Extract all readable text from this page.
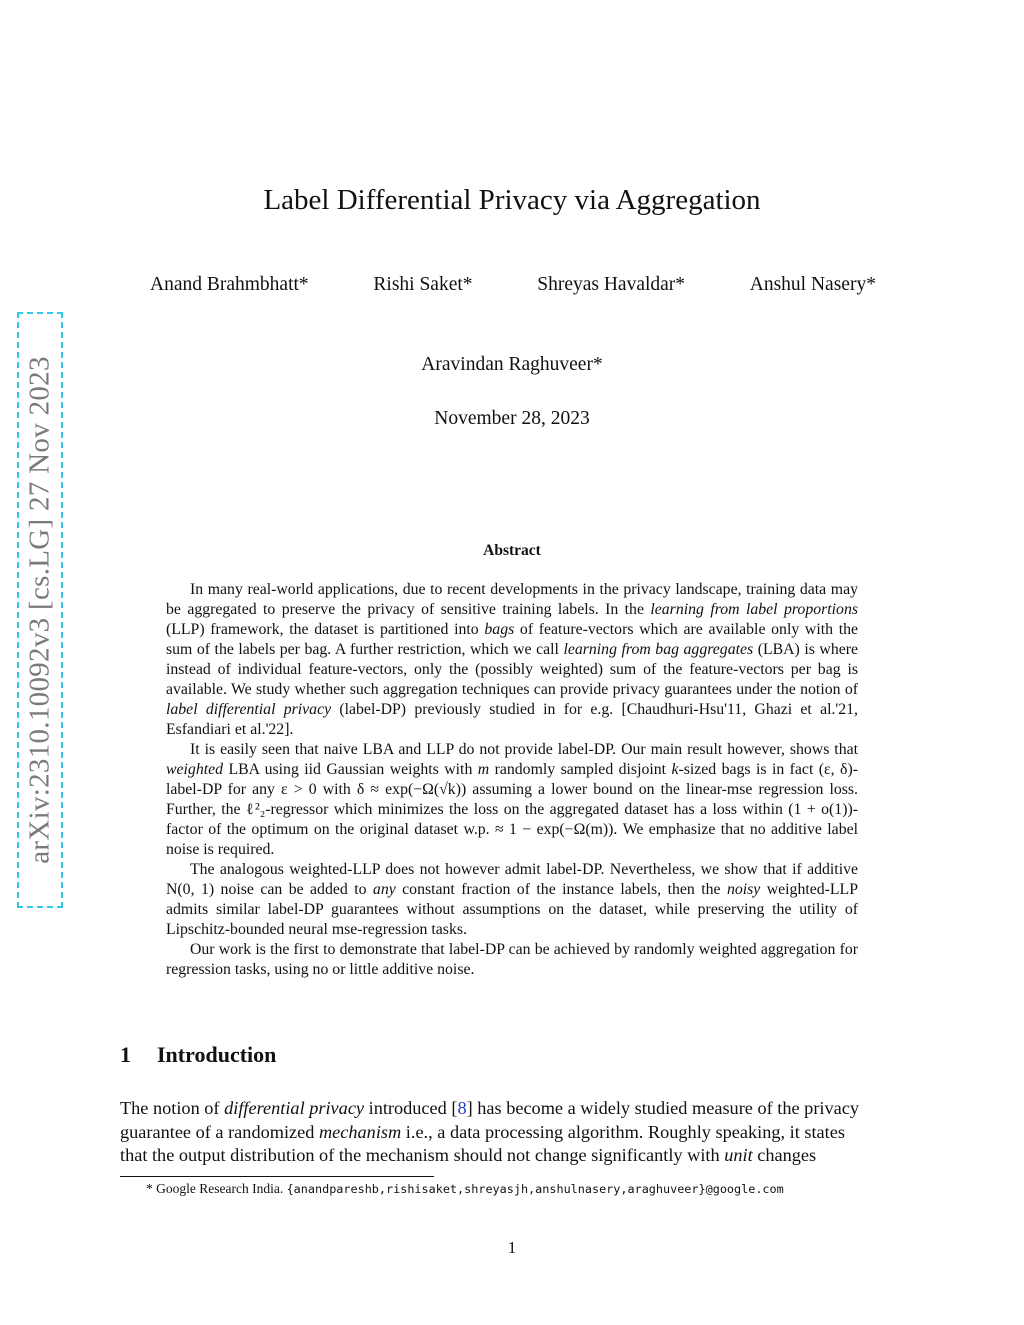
arXiv:2310.10092v3 [cs.LG] 27 Nov 2023
Label Differential Privacy via Aggregation
Anand Brahmbhatt*	Rishi Saket*	Shreyas Havaldar*	Anshul Nasery*
Aravindan Raghuveer*
November 28, 2023
Abstract

In many real-world applications, due to recent developments in the privacy landscape, training data may be aggregated to preserve the privacy of sensitive training labels. In the learning from label proportions (LLP) framework, the dataset is partitioned into bags of feature-vectors which are available only with the sum of the labels per bag. A further restriction, which we call learning from bag aggregates (LBA) is where instead of individual feature-vectors, only the (possibly weighted) sum of the feature-vectors per bag is available. We study whether such aggregation techniques can provide privacy guarantees under the notion of label differential privacy (label-DP) previously studied in for e.g. [Chaudhuri-Hsu'11, Ghazi et al.'21, Esfandiari et al.'22].

It is easily seen that naive LBA and LLP do not provide label-DP. Our main result however, shows that weighted LBA using iid Gaussian weights with m randomly sampled disjoint k-sized bags is in fact (ε, δ)-label-DP for any ε > 0 with δ ≈ exp(−Ω(√k)) assuming a lower bound on the linear-mse regression loss. Further, the ℓ²₂-regressor which minimizes the loss on the aggregated dataset has a loss within (1 + o(1))-factor of the optimum on the original dataset w.p. ≈ 1 − exp(−Ω(m)). We emphasize that no additive label noise is required.

The analogous weighted-LLP does not however admit label-DP. Nevertheless, we show that if additive N(0, 1) noise can be added to any constant fraction of the instance labels, then the noisy weighted-LLP admits similar label-DP guarantees without assumptions on the dataset, while preserving the utility of Lipschitz-bounded neural mse-regression tasks.

Our work is the first to demonstrate that label-DP can be achieved by randomly weighted aggregation for regression tasks, using no or little additive noise.

1 Introduction
The notion of differential privacy introduced [8] has become a widely studied measure of the privacy
guarantee of a randomized mechanism i.e., a data processing algorithm. Roughly speaking, it states
that the output distribution of the mechanism should not change significantly with unit changes
* Google Research India. {anandpareshb,rishisaket,shreyasjh,anshulnasery,araghuveer}@google.com
1
